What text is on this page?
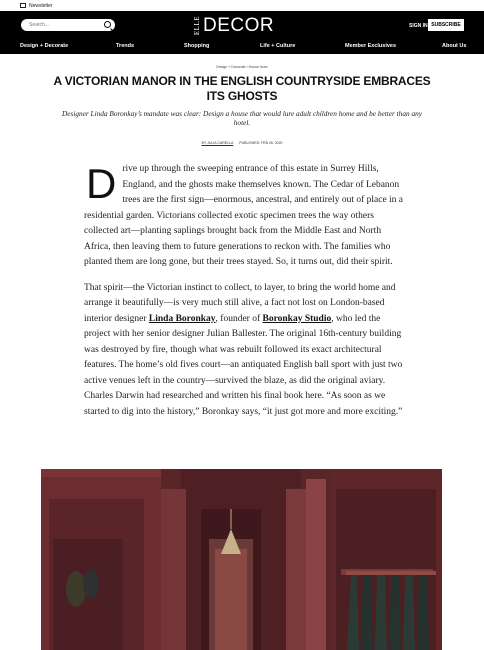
Newsletter
Search...
ELLE DECOR	SIGN IN SUBSCRIBE
Design + Decorate	Trends	Shopping	Life + Culture	Member Exclusives	About Us
Design + Decorate • House tours
A VICTORIAN MANOR IN THE ENGLISH COUNTRYSIDE EMBRACES ITS GHOSTS

Designer Linda Boronkay’s mandate was clear: Design a house that would lure adult children home and be better than any hotel.

BY JULIA CARELLA PUBLISHED: FEB 26, 2020

Drive up through the sweeping entrance of this estate in Surrey Hills, England, and the ghosts make themselves known. The Cedar of Lebanon trees are the first sign—enormous, ancestral, and entirely out of place in a residential garden. Victorians collected exotic specimen trees the way others collected art—planting saplings brought back from the Middle East and North Africa, then leaving them to future generations to reckon with. The families who planted them are long gone, but their trees stayed. So, it turns out, did their spirit.

That spirit—the Victorian instinct to collect, to layer, to bring the world home and arrange it beautifully—is very much still alive, a fact not lost on London-based interior designer Linda Boronkay, founder of Boronkay Studio, who led the project with her senior designer Julian Ballester. The original 16th-century building was destroyed by fire, though what was rebuilt followed its exact architectural features. The home’s old fives court—an antiquated English ball sport with just two active venues left in the country—survived the blaze, as did the original aviary. Charles Darwin had researched and written his final book here. “As soon as we started to dig into the history,” Boronkay says, “it just got more and more exciting.”
